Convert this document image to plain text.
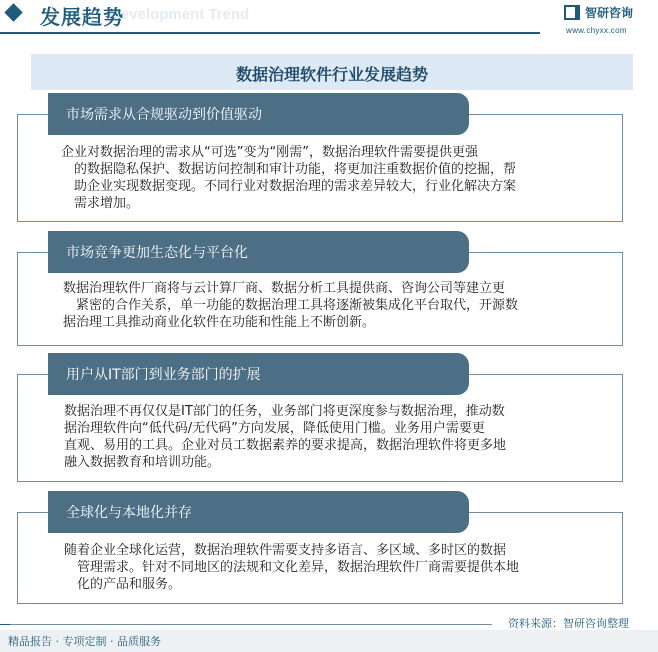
Development Trend
发展趋势	智研咨询
www.chyxx.com
数据治理软件行业发展趋势
市场需求从合规驱动到价值驱动
企业对数据治理的需求从“可选”变为“刚需”，数据治理软件需要提供更强
的数据隐私保护、数据访问控制和审计功能，将更加注重数据价值的挖掘，帮
助企业实现数据变现。不同行业对数据治理的需求差异较大，行业化解决方案
需求增加。
市场竞争更加生态化与平台化
数据治理软件厂商将与云计算厂商、数据分析工具提供商、咨询公司等建立更
紧密的合作关系，单一功能的数据治理工具将逐渐被集成化平台取代，开源数
据治理工具推动商业化软件在功能和性能上不断创新。
用户从IT部门到业务部门的扩展
数据治理不再仅仅是IT部门的任务，业务部门将更深度参与数据治理，推动数
据治理软件向“低代码/无代码”方向发展，降低使用门槛。业务用户需要更
直观、易用的工具。企业对员工数据素养的要求提高，数据治理软件将更多地
融入数据教育和培训功能。
全球化与本地化并存
随着企业全球化运营，数据治理软件需要支持多语言、多区域、多时区的数据
管理需求。针对不同地区的法规和文化差异，数据治理软件厂商需要提供本地
化的产品和服务。
资料来源：智研咨询整理
精品报告 · 专项定制 · 品质服务
